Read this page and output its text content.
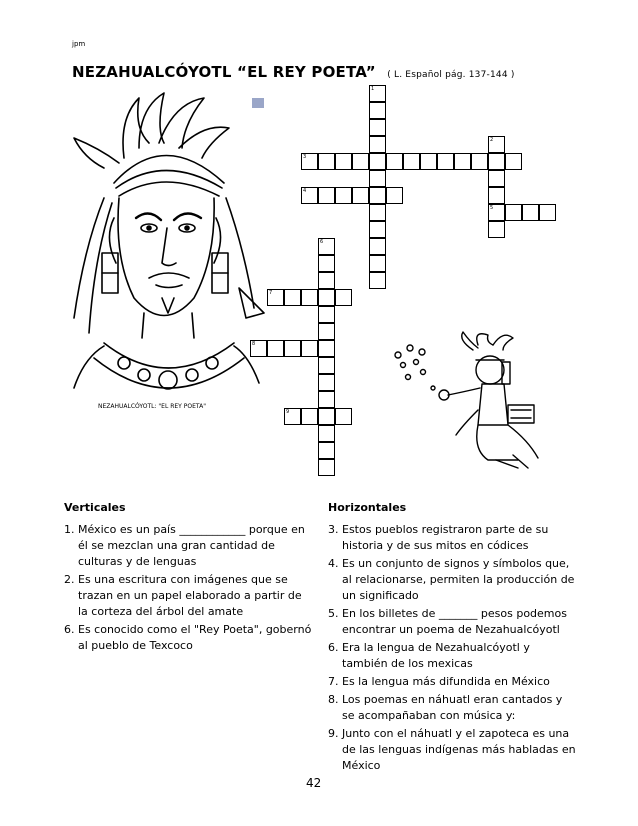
jpm
NEZAHUALCÓYOTL “EL REY POETA” ( L. Español pág. 137-144 )
NEZAHUALCÓYOTL: "EL REY POETA"
1
2
5
3
4
6
7
8
9
Verticales
1. México es un país ____________ porque en él se mezclan una gran cantidad de culturas y de lenguas
2. Es una escritura con imágenes que se trazan en un papel elaborado a partir de la corteza del árbol del amate
6. Es conocido como el "Rey Poeta", gobernó al pueblo de Texcoco
Horizontales
3. Estos pueblos registraron parte de su historia y de sus mitos en códices
4. Es un conjunto de signos y símbolos que, al relacionarse, permiten la producción de un significado
5. En los billetes de _______ pesos podemos encontrar un poema de Nezahualcóyotl
6. Era la lengua de Nezahualcóyotl y también de los mexicas
7. Es la lengua más difundida en México
8. Los poemas en náhuatl eran cantados y se acompañaban con música y:
9. Junto con el náhuatl y el zapoteca es una de las lenguas indígenas más habladas en México
42
